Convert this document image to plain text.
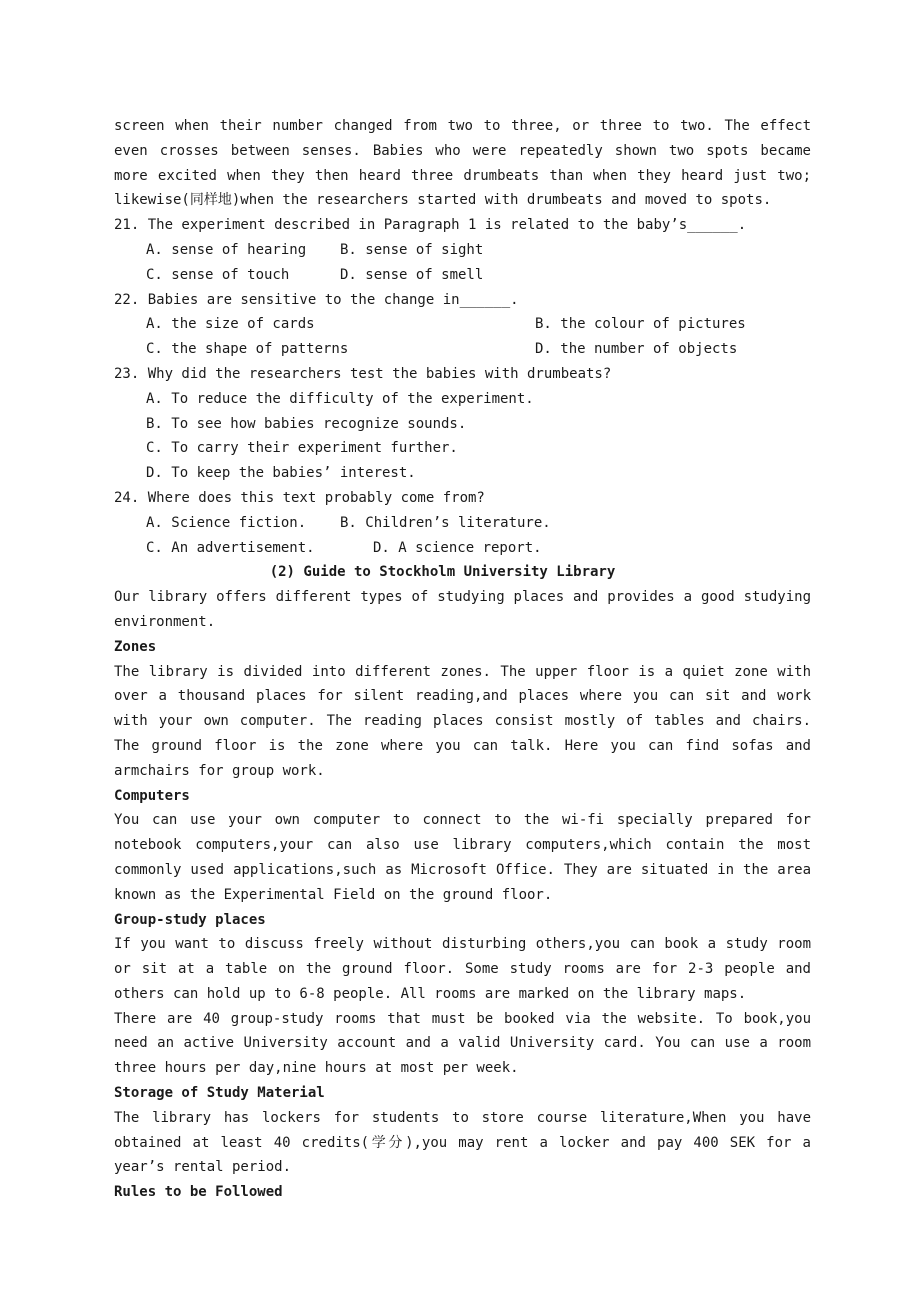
screen when their number changed from two to three, or three to two. The effect even crosses between senses. Babies who were repeatedly shown two spots became more excited when they then heard three drumbeats than when they heard just two; likewise(同样地)when the researchers started with drumbeats and moved to spots.

21. The experiment described in Paragraph 1 is related to the baby’s______.

A. sense of hearing	B. sense of sight
C. sense of touch	D. sense of smell

22. Babies are sensitive to the change in______.

A. the size of cards	B. the colour of pictures
C. the shape of patterns	D. the number of objects

23. Why did the researchers test the babies with drumbeats?

A. To reduce the difficulty of the experiment.

B. To see how babies recognize sounds.

C. To carry their experiment further.

D. To keep the babies’ interest.

24. Where does this text probably come from?

A. Science fiction.	B. Children’s literature.
C. An advertisement.	D. A science report.

(2) Guide to Stockholm University Library

Our library offers different types of studying places and provides a good studying environment.

Zones

The library is divided into different zones. The upper floor is a quiet zone with over a thousand places for silent reading,and places where you can sit and work with your own computer. The reading places consist mostly of tables and chairs. The ground floor is the zone where you can talk. Here you can find sofas and armchairs for group work.

Computers

You can use your own computer to connect to the wi-fi specially prepared for notebook computers,your can also use library computers,which contain the most commonly used applications,such as Microsoft Office. They are situated in the area known as the Experimental Field on the ground floor.

Group-study places

If you want to discuss freely without disturbing others,you can book a study room or sit at a table on the ground floor. Some study rooms are for 2-3 people and others can hold up to 6-8 people. All rooms are marked on the library maps.

There are 40 group-study rooms that must be booked via the website. To book,you need an active University account and a valid University card. You can use a room three hours per day,nine hours at most per week.

Storage of Study Material

The library has lockers for students to store course literature,When you have obtained at least 40 credits(学分),you may rent a locker and pay 400 SEK for a year’s rental period.

Rules to be Followed
